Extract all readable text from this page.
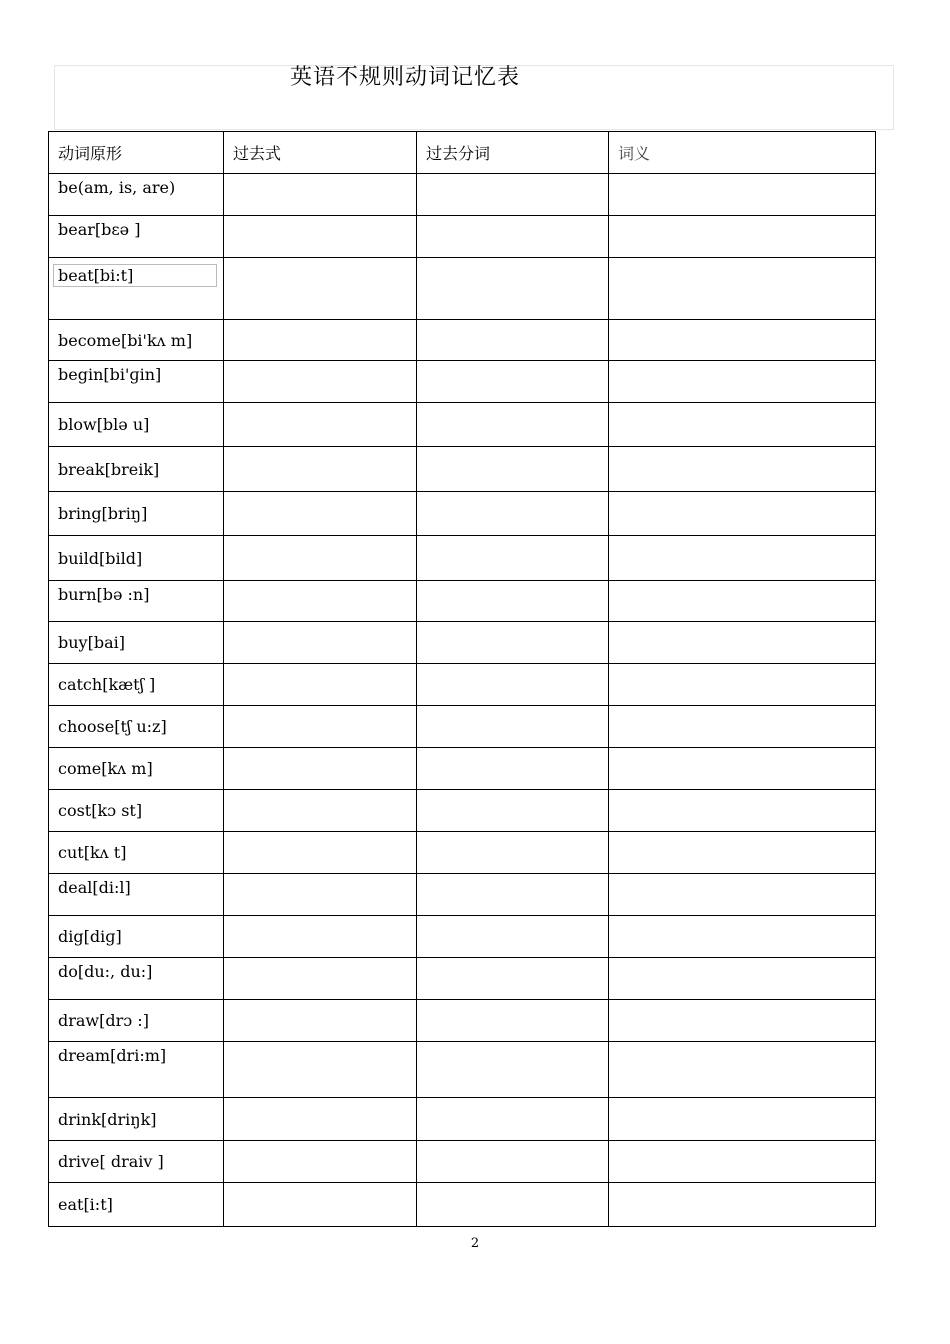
英语不规则动词记忆表
动词原形	过去式	过去分词	词义
be(am, is, are)			
bear[bɛə ]			
beat[bi:t]			
become[bi'kʌ m]			
begin[bi'ɡin]			
blow[blə u]			
break[breik]			
bring[briŋ]			
build[bild]			
burn[bə :n]			
buy[bai]			
catch[kætʃ ]			
choose[tʃ u:z]			
come[kʌ m]			
cost[kɔ st]			
cut[kʌ t]			
deal[di:l]			
dig[diɡ]			
do[du:, du:]			
draw[drɔ :]			
dream[dri:m]			
drink[driŋk]			
drive[ draiv ]			
eat[i:t]			
2
